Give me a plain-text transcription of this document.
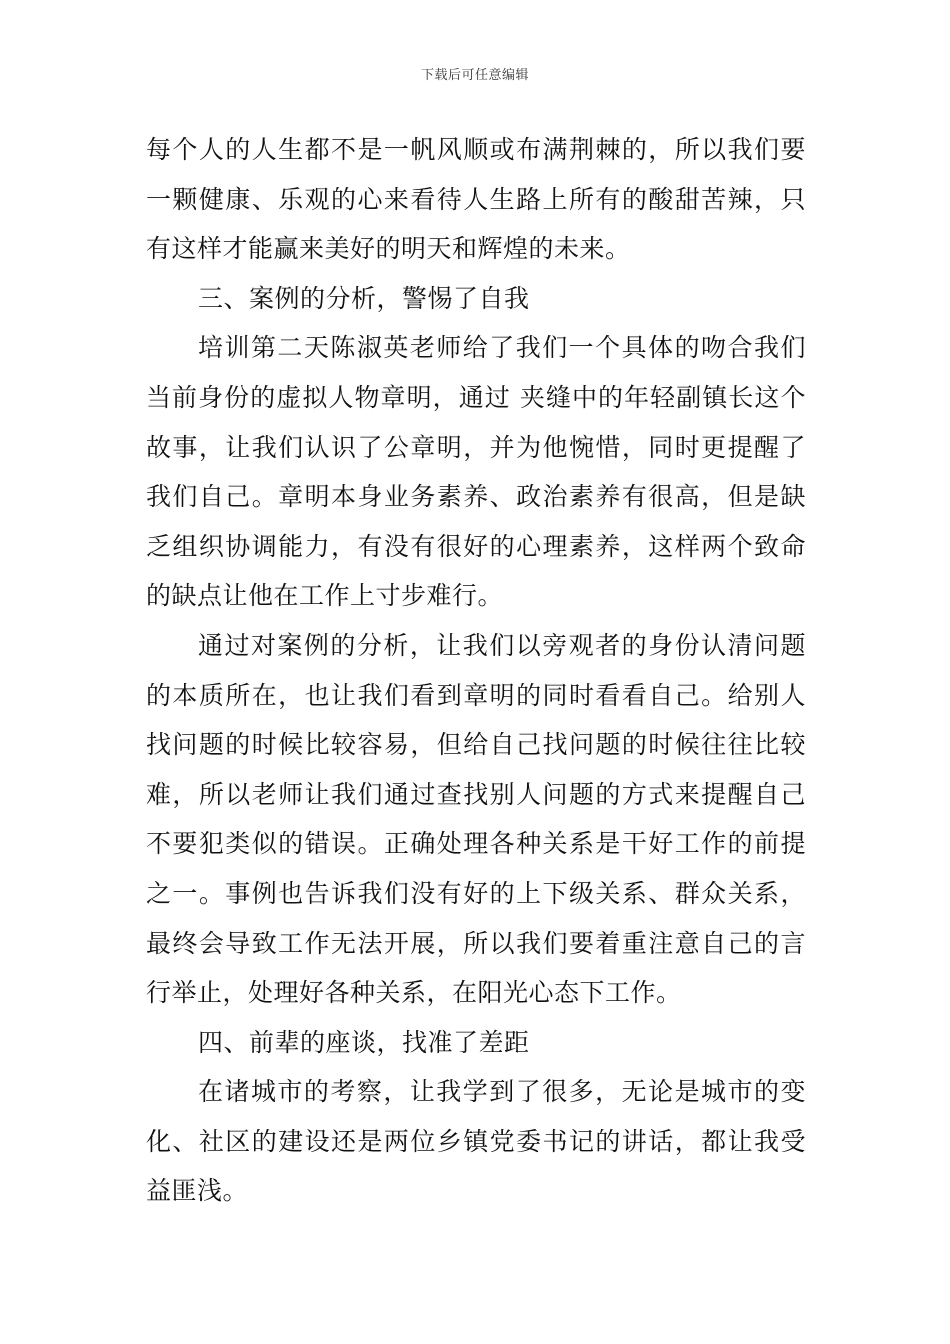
下载后可任意编辑

每个人的人生都不是一帆风顺或布满荆棘的，所以我们要一颗健康、乐观的心来看待人生路上所有的酸甜苦辣，只有这样才能赢来美好的明天和辉煌的未来。

三、案例的分析，警惕了自我

培训第二天陈淑英老师给了我们一个具体的吻合我们当前身份的虚拟人物章明，通过 夹缝中的年轻副镇长这个故事，让我们认识了公章明，并为他惋惜，同时更提醒了我们自己。章明本身业务素养、政治素养有很高，但是缺乏组织协调能力，有没有很好的心理素养，这样两个致命的缺点让他在工作上寸步难行。

通过对案例的分析，让我们以旁观者的身份认清问题的本质所在，也让我们看到章明的同时看看自己。给别人找问题的时候比较容易，但给自己找问题的时候往往比较难，所以老师让我们通过查找别人问题的方式来提醒自己不要犯类似的错误。正确处理各种关系是干好工作的前提之一。事例也告诉我们没有好的上下级关系、群众关系，最终会导致工作无法开展，所以我们要着重注意自己的言行举止，处理好各种关系，在阳光心态下工作。

四、前辈的座谈，找准了差距

在诸城市的考察，让我学到了很多，无论是城市的变化、社区的建设还是两位乡镇党委书记的讲话，都让我受益匪浅。
